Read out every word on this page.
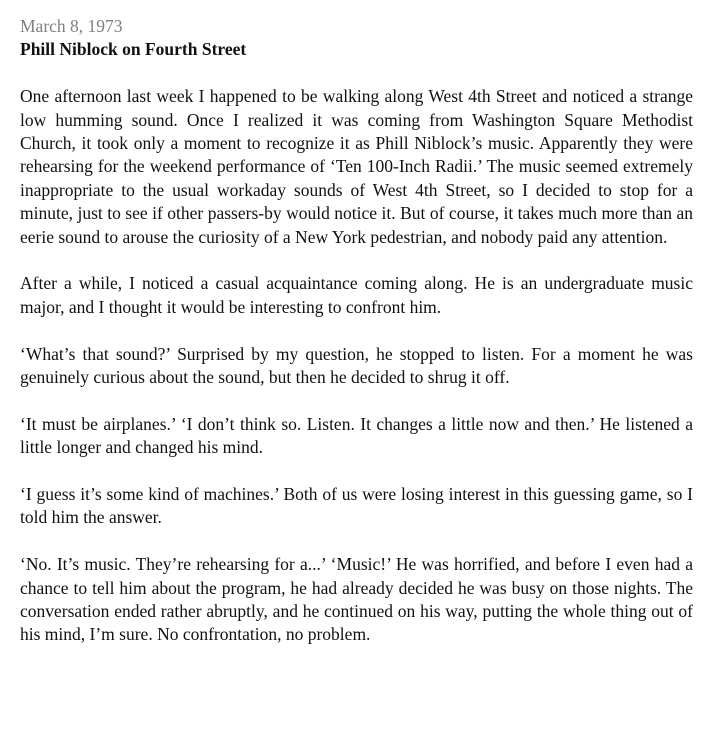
March 8, 1973
Phill Niblock on Fourth Street

One afternoon last week I happened to be walking along West 4th Street and noticed a strange low humming sound. Once I realized it was coming from Washington Square Methodist Church, it took only a moment to recognize it as Phill Niblock’s music. Apparently they were rehearsing for the weekend performance of ‘Ten 100-Inch Radii.’ The music seemed extremely inappropriate to the usual workaday sounds of West 4th Street, so I decided to stop for a minute, just to see if other passers-by would notice it. But of course, it takes much more than an eerie sound to arouse the curiosity of a New York pedestrian, and nobody paid any attention.

After a while, I noticed a casual acquaintance coming along. He is an undergraduate music major, and I thought it would be interesting to confront him.

‘What’s that sound?’ Surprised by my question, he stopped to listen. For a moment he was genuinely curious about the sound, but then he decided to shrug it off.

‘It must be airplanes.’ ‘I don’t think so. Listen. It changes a little now and then.’ He listened a little longer and changed his mind.

‘I guess it’s some kind of machines.’ Both of us were losing interest in this guessing game, so I told him the answer.

‘No. It’s music. They’re rehearsing for a...’ ‘Music!’ He was horrified, and before I even had a chance to tell him about the program, he had already decided he was busy on those nights. The conversation ended rather abruptly, and he continued on his way, putting the whole thing out of his mind, I’m sure. No confrontation, no problem.
